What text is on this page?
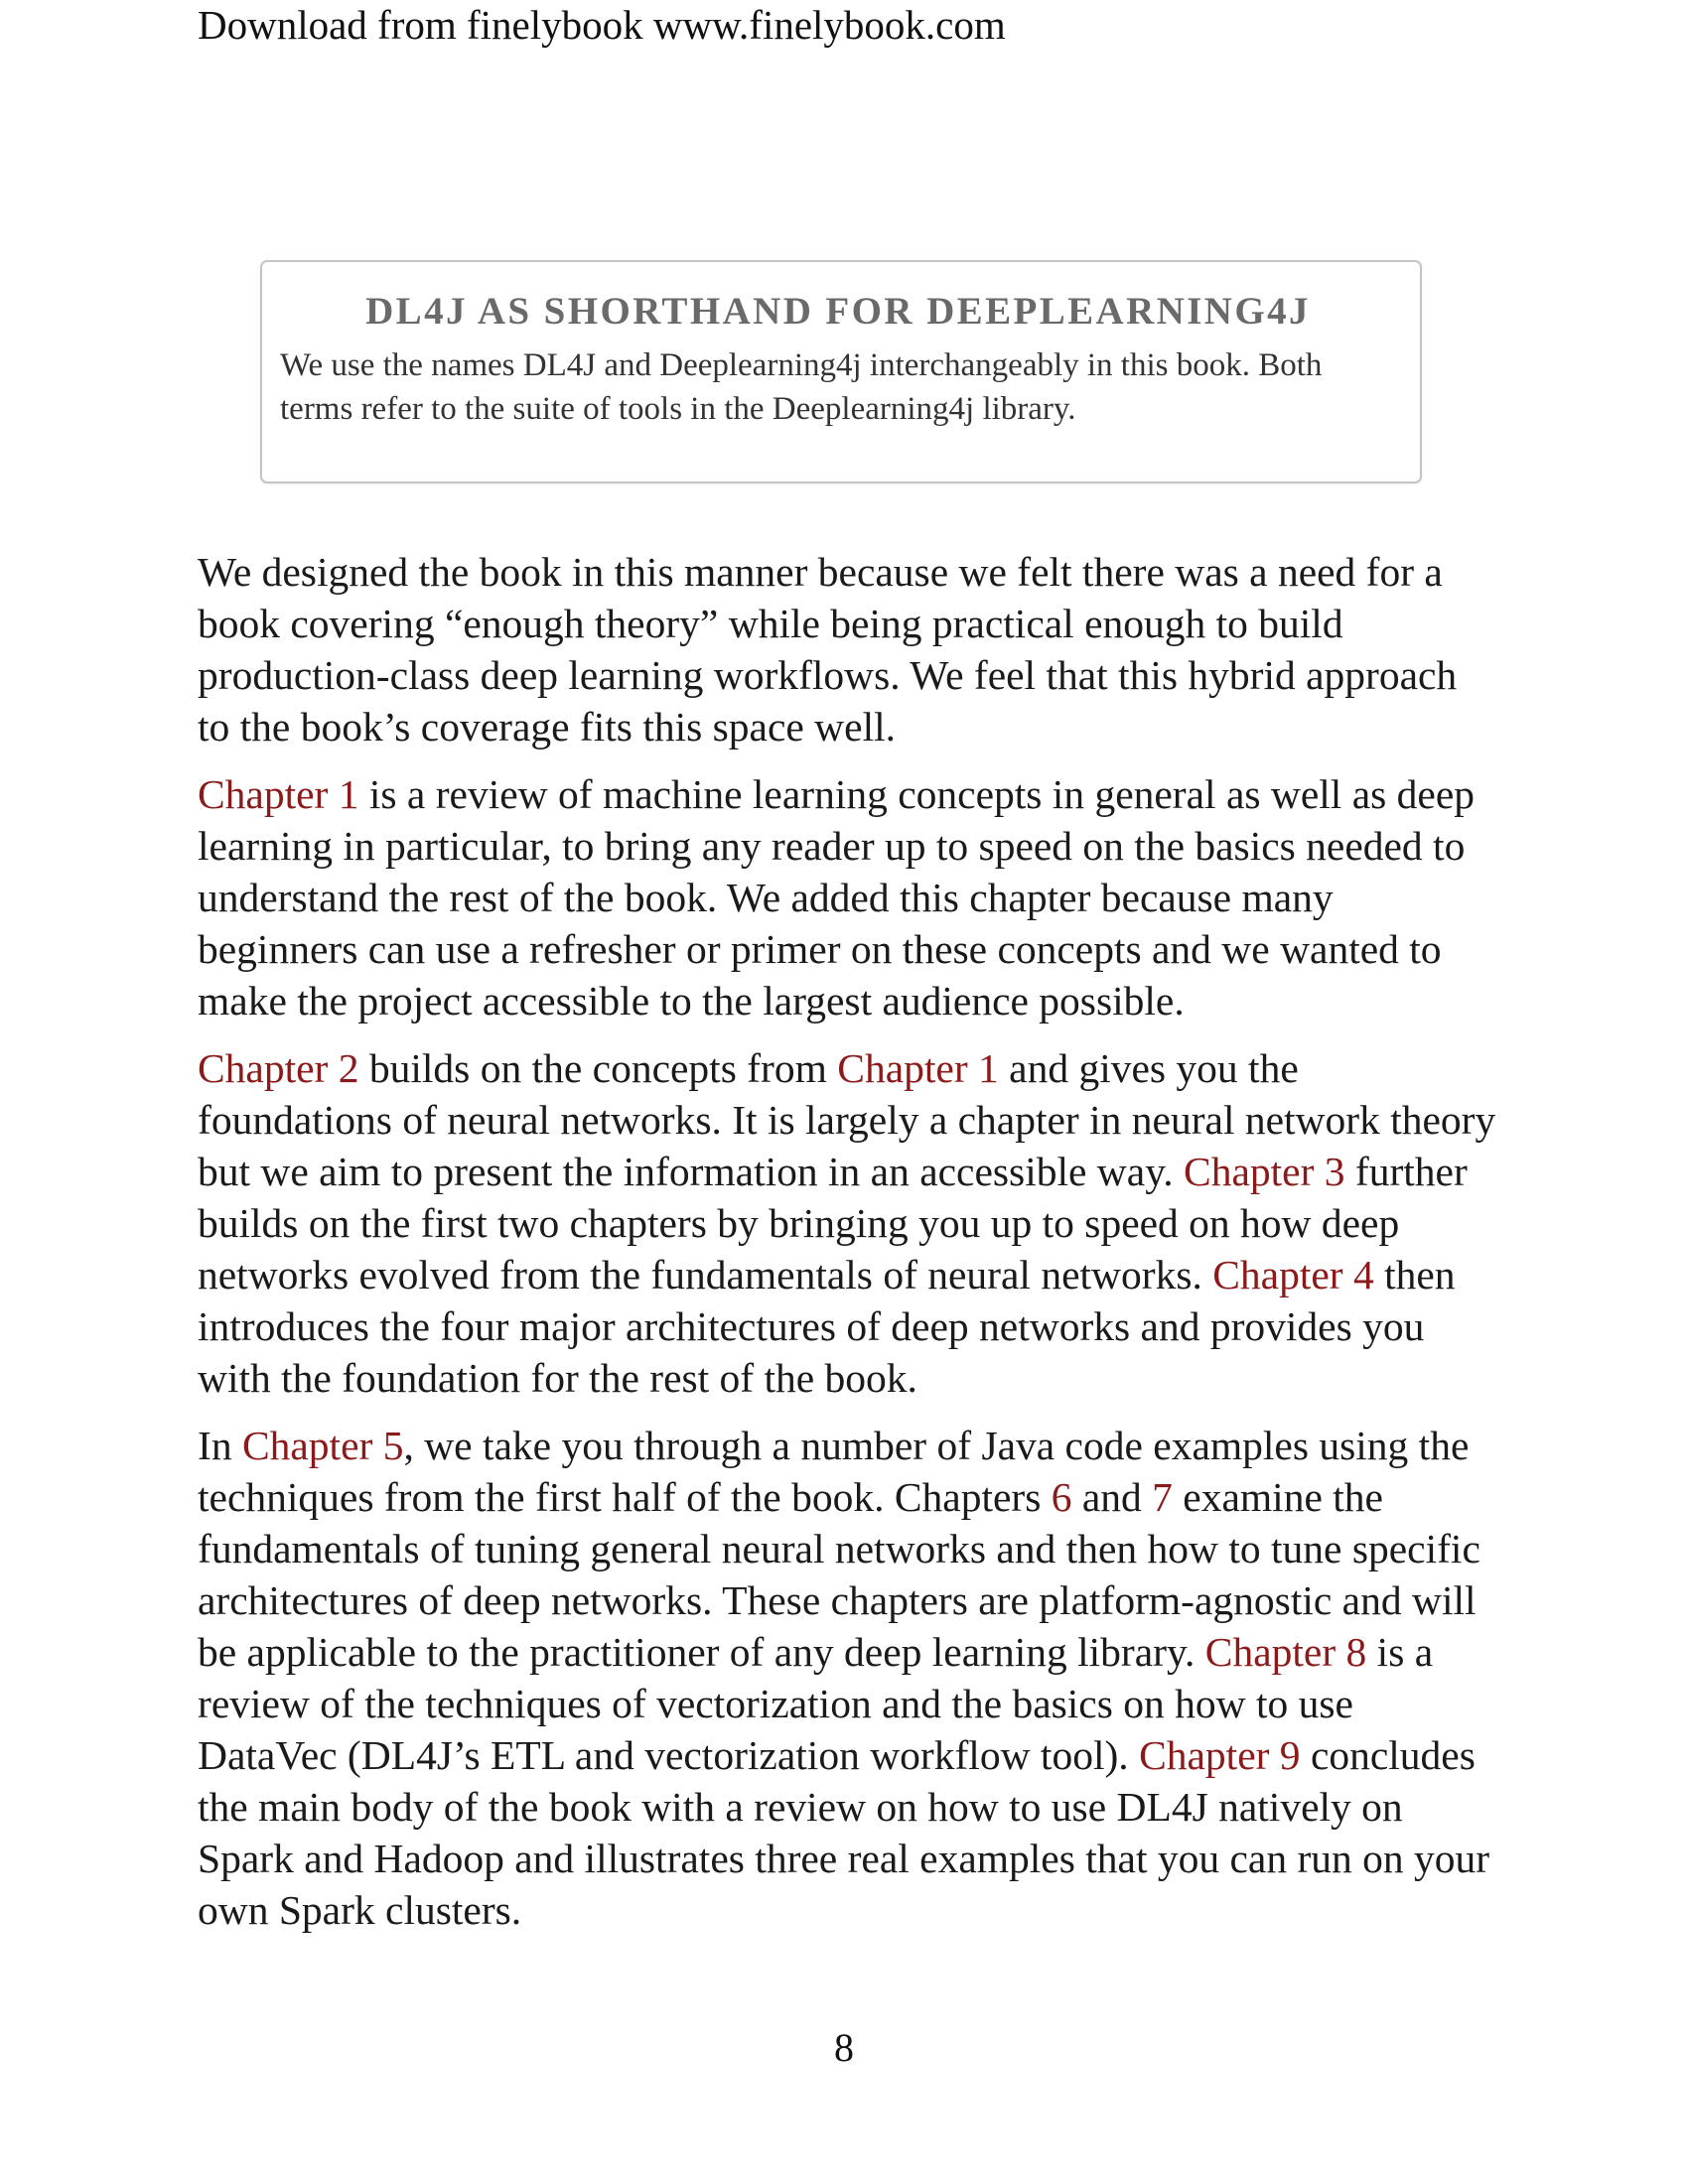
Download from finelybook www.finelybook.com
DL4J AS SHORTHAND FOR DEEPLEARNING4J

We use the names DL4J and Deeplearning4j interchangeably in this book. Both terms refer to the suite of tools in the Deeplearning4j library.

We designed the book in this manner because we felt there was a need for a book covering “enough theory” while being practical enough to build production-class deep learning workflows. We feel that this hybrid approach to the book’s coverage fits this space well.

Chapter 1 is a review of machine learning concepts in general as well as deep learning in particular, to bring any reader up to speed on the basics needed to understand the rest of the book. We added this chapter because many beginners can use a refresher or primer on these concepts and we wanted to make the project accessible to the largest audience possible.

Chapter 2 builds on the concepts from Chapter 1 and gives you the foundations of neural networks. It is largely a chapter in neural network theory but we aim to present the information in an accessible way. Chapter 3 further builds on the first two chapters by bringing you up to speed on how deep networks evolved from the fundamentals of neural networks. Chapter 4 then introduces the four major architectures of deep networks and provides you with the foundation for the rest of the book.

In Chapter 5, we take you through a number of Java code examples using the techniques from the first half of the book. Chapters 6 and 7 examine the fundamentals of tuning general neural networks and then how to tune specific architectures of deep networks. These chapters are platform-agnostic and will be applicable to the practitioner of any deep learning library. Chapter 8 is a review of the techniques of vectorization and the basics on how to use DataVec (DL4J’s ETL and vectorization workflow tool). Chapter 9 concludes the main body of the book with a review on how to use DL4J natively on Spark and Hadoop and illustrates three real examples that you can run on your own Spark clusters.

8
